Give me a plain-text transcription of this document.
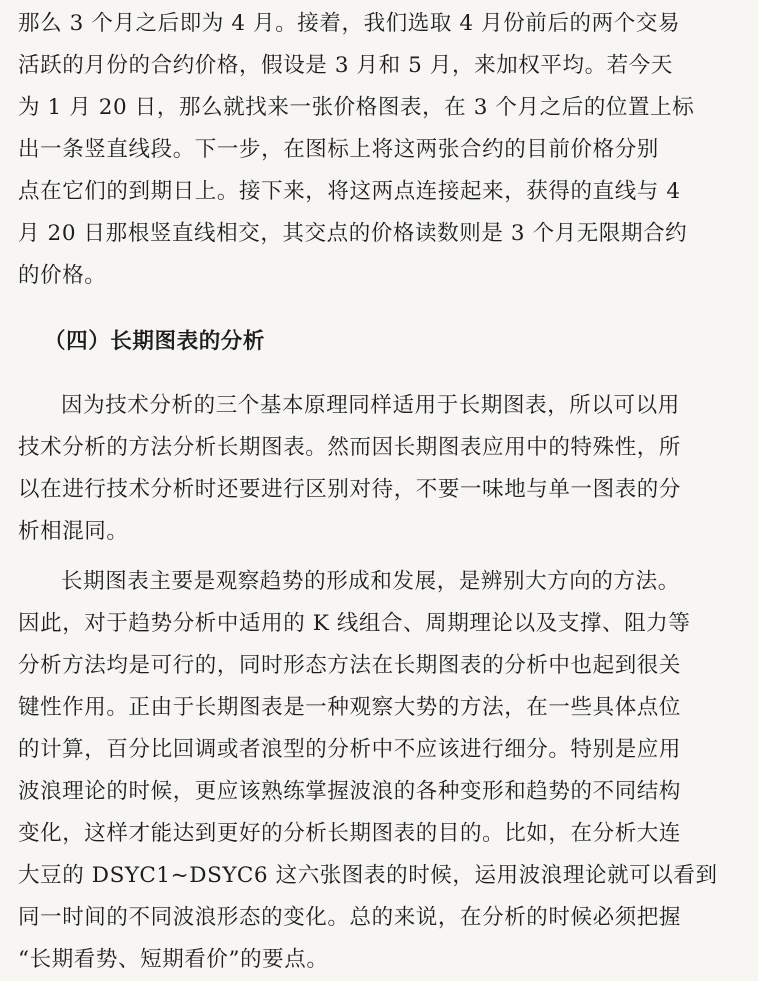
那么 3 个月之后即为 4 月。接着，我们选取 4 月份前后的两个交易
活跃的月份的合约价格，假设是 3 月和 5 月，来加权平均。若今天
为 1 月 20 日，那么就找来一张价格图表，在 3 个月之后的位置上标
出一条竖直线段。下一步，在图标上将这两张合约的目前价格分别
点在它们的到期日上。接下来，将这两点连接起来，获得的直线与 4
月 20 日那根竖直线相交，其交点的价格读数则是 3 个月无限期合约
的价格。
（四）长期图表的分析
因为技术分析的三个基本原理同样适用于长期图表，所以可以用
技术分析的方法分析长期图表。然而因长期图表应用中的特殊性，所
以在进行技术分析时还要进行区别对待，不要一味地与单一图表的分
析相混同。
长期图表主要是观察趋势的形成和发展，是辨别大方向的方法。
因此，对于趋势分析中适用的 K 线组合、周期理论以及支撑、阻力等
分析方法均是可行的，同时形态方法在长期图表的分析中也起到很关
键性作用。正由于长期图表是一种观察大势的方法，在一些具体点位
的计算，百分比回调或者浪型的分析中不应该进行细分。特别是应用
波浪理论的时候，更应该熟练掌握波浪的各种变形和趋势的不同结构
变化，这样才能达到更好的分析长期图表的目的。比如，在分析大连
大豆的 DSYC1~DSYC6 这六张图表的时候，运用波浪理论就可以看到
同一时间的不同波浪形态的变化。总的来说，在分析的时候必须把握
“长期看势、短期看价”的要点。
